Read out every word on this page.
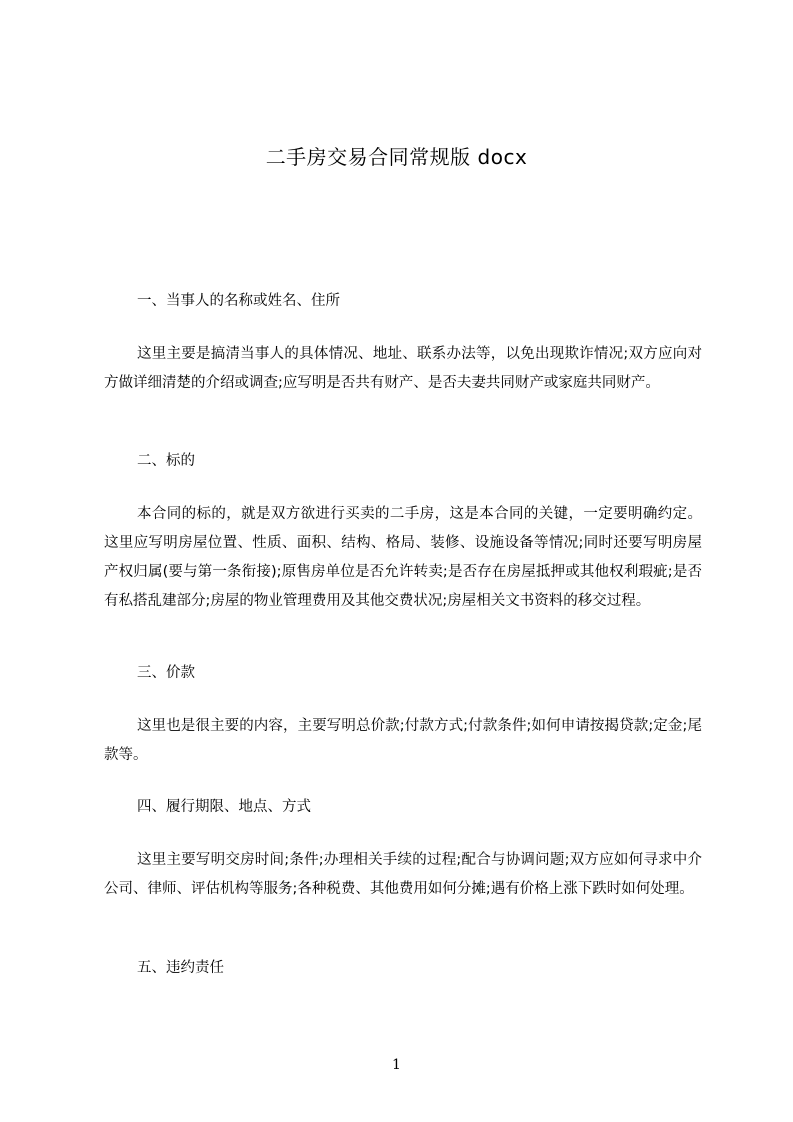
二手房交易合同常规版 docx
一、当事人的名称或姓名、住所
这里主要是搞清当事人的具体情况、地址、联系办法等，以免出现欺诈情况;双方应向对方做详细清楚的介绍或调查;应写明是否共有财产、是否夫妻共同财产或家庭共同财产。
二、标的
本合同的标的，就是双方欲进行买卖的二手房，这是本合同的关键，一定要明确约定。这里应写明房屋位置、性质、面积、结构、格局、装修、设施设备等情况;同时还要写明房屋产权归属(要与第一条衔接);原售房单位是否允许转卖;是否存在房屋抵押或其他权利瑕疵;是否有私搭乱建部分;房屋的物业管理费用及其他交费状况;房屋相关文书资料的移交过程。
三、价款
这里也是很主要的内容，主要写明总价款;付款方式;付款条件;如何申请按揭贷款;定金;尾款等。
四、履行期限、地点、方式
这里主要写明交房时间;条件;办理相关手续的过程;配合与协调问题;双方应如何寻求中介公司、律师、评估机构等服务;各种税费、其他费用如何分摊;遇有价格上涨下跌时如何处理。
五、违约责任
1
